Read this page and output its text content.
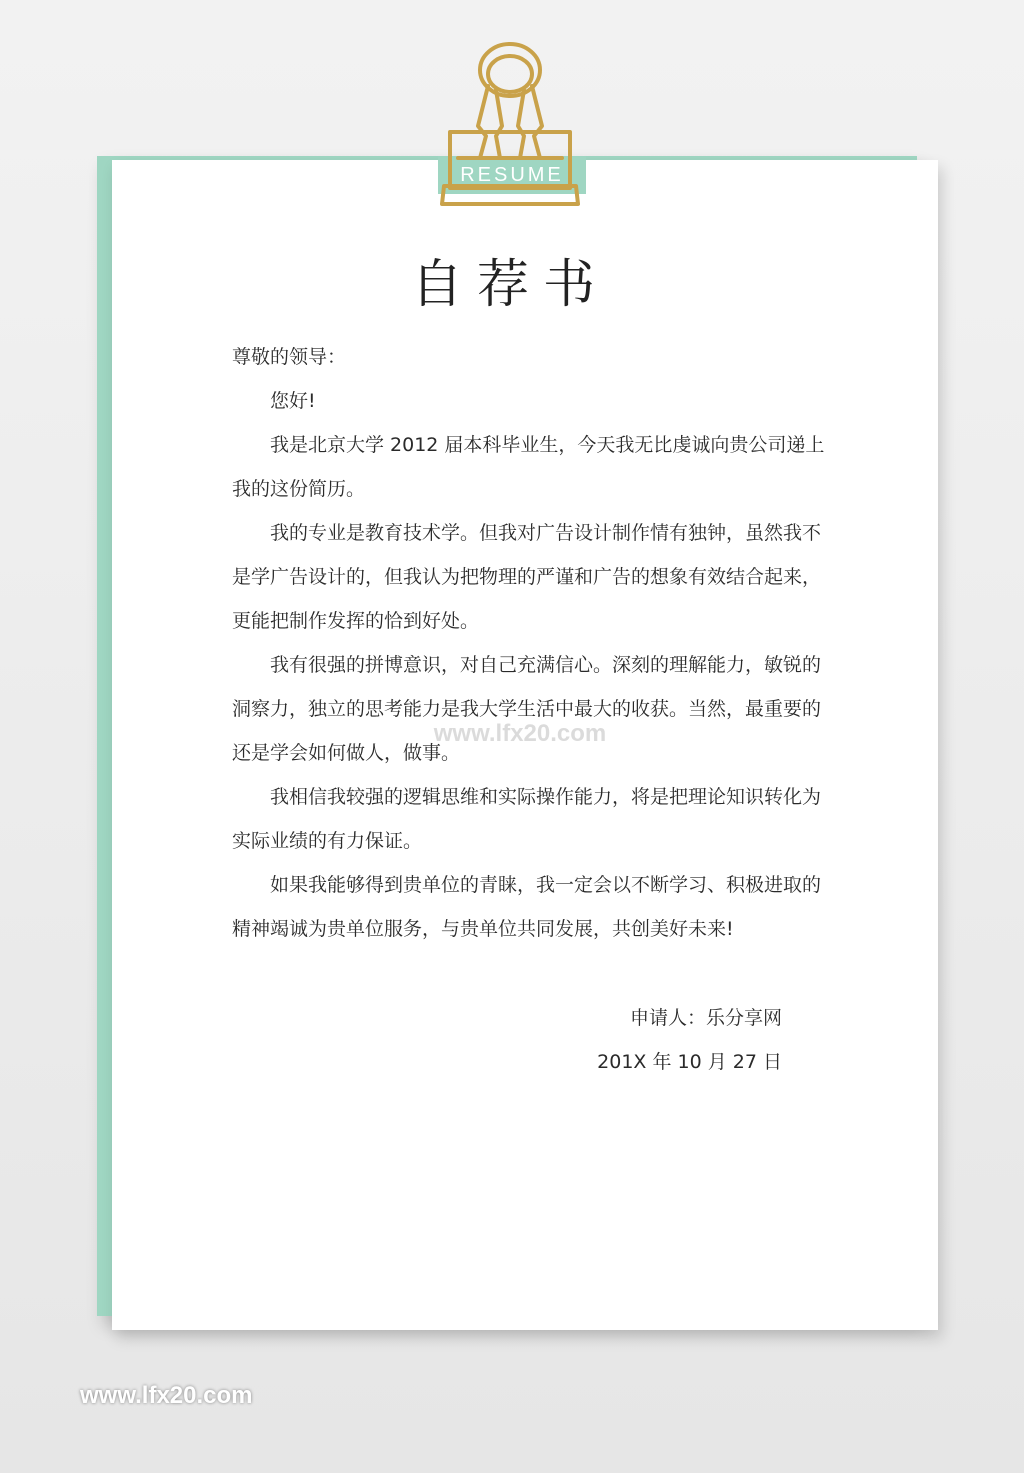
RESUME
自荐书

尊敬的领导：

您好!

我是北京大学 2012 届本科毕业生，今天我无比虔诚向贵公司递上我的这份简历。

我的专业是教育技术学。但我对广告设计制作情有独钟，虽然我不是学广告设计的，但我认为把物理的严谨和广告的想象有效结合起来，更能把制作发挥的恰到好处。

我有很强的拼博意识，对自己充满信心。深刻的理解能力，敏锐的洞察力，独立的思考能力是我大学生活中最大的收获。当然，最重要的还是学会如何做人，做事。

我相信我较强的逻辑思维和实际操作能力，将是把理论知识转化为实际业绩的有力保证。

如果我能够得到贵单位的青睐，我一定会以不断学习、积极进取的精神竭诚为贵单位服务，与贵单位共同发展，共创美好未来!

申请人：乐分享网
201X 年 10 月 27 日
www.lfx20.com
www.lfx20.com
